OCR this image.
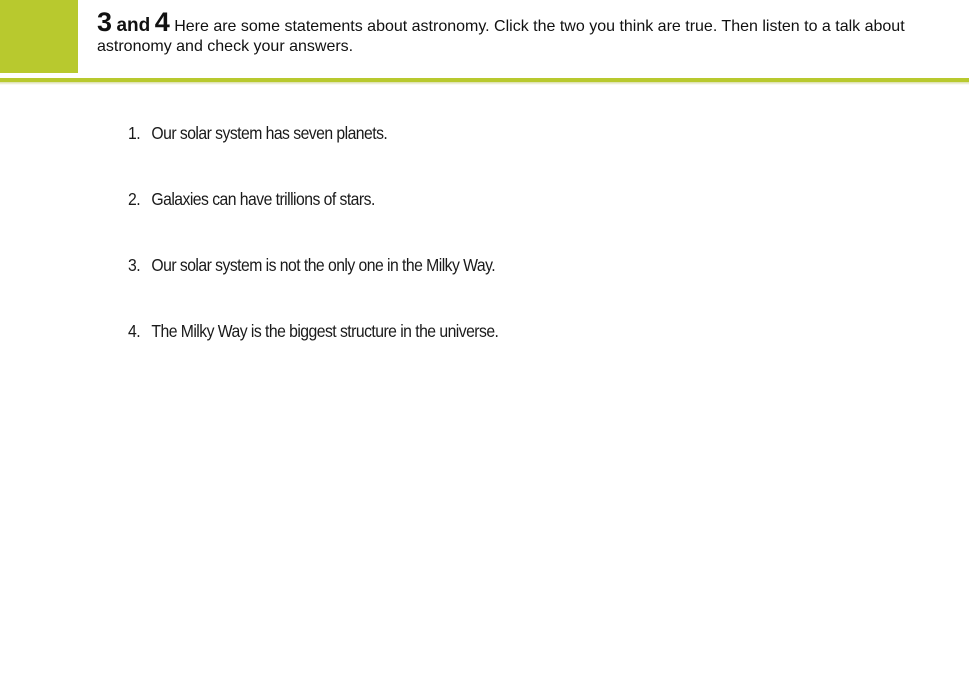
3 and 4 Here are some statements about astronomy. Click the two you think are true. Then listen to a talk about astronomy and check your answers.
1. Our solar system has seven planets.
2. Galaxies can have trillions of stars.
3. Our solar system is not the only one in the Milky Way.
4. The Milky Way is the biggest structure in the universe.
